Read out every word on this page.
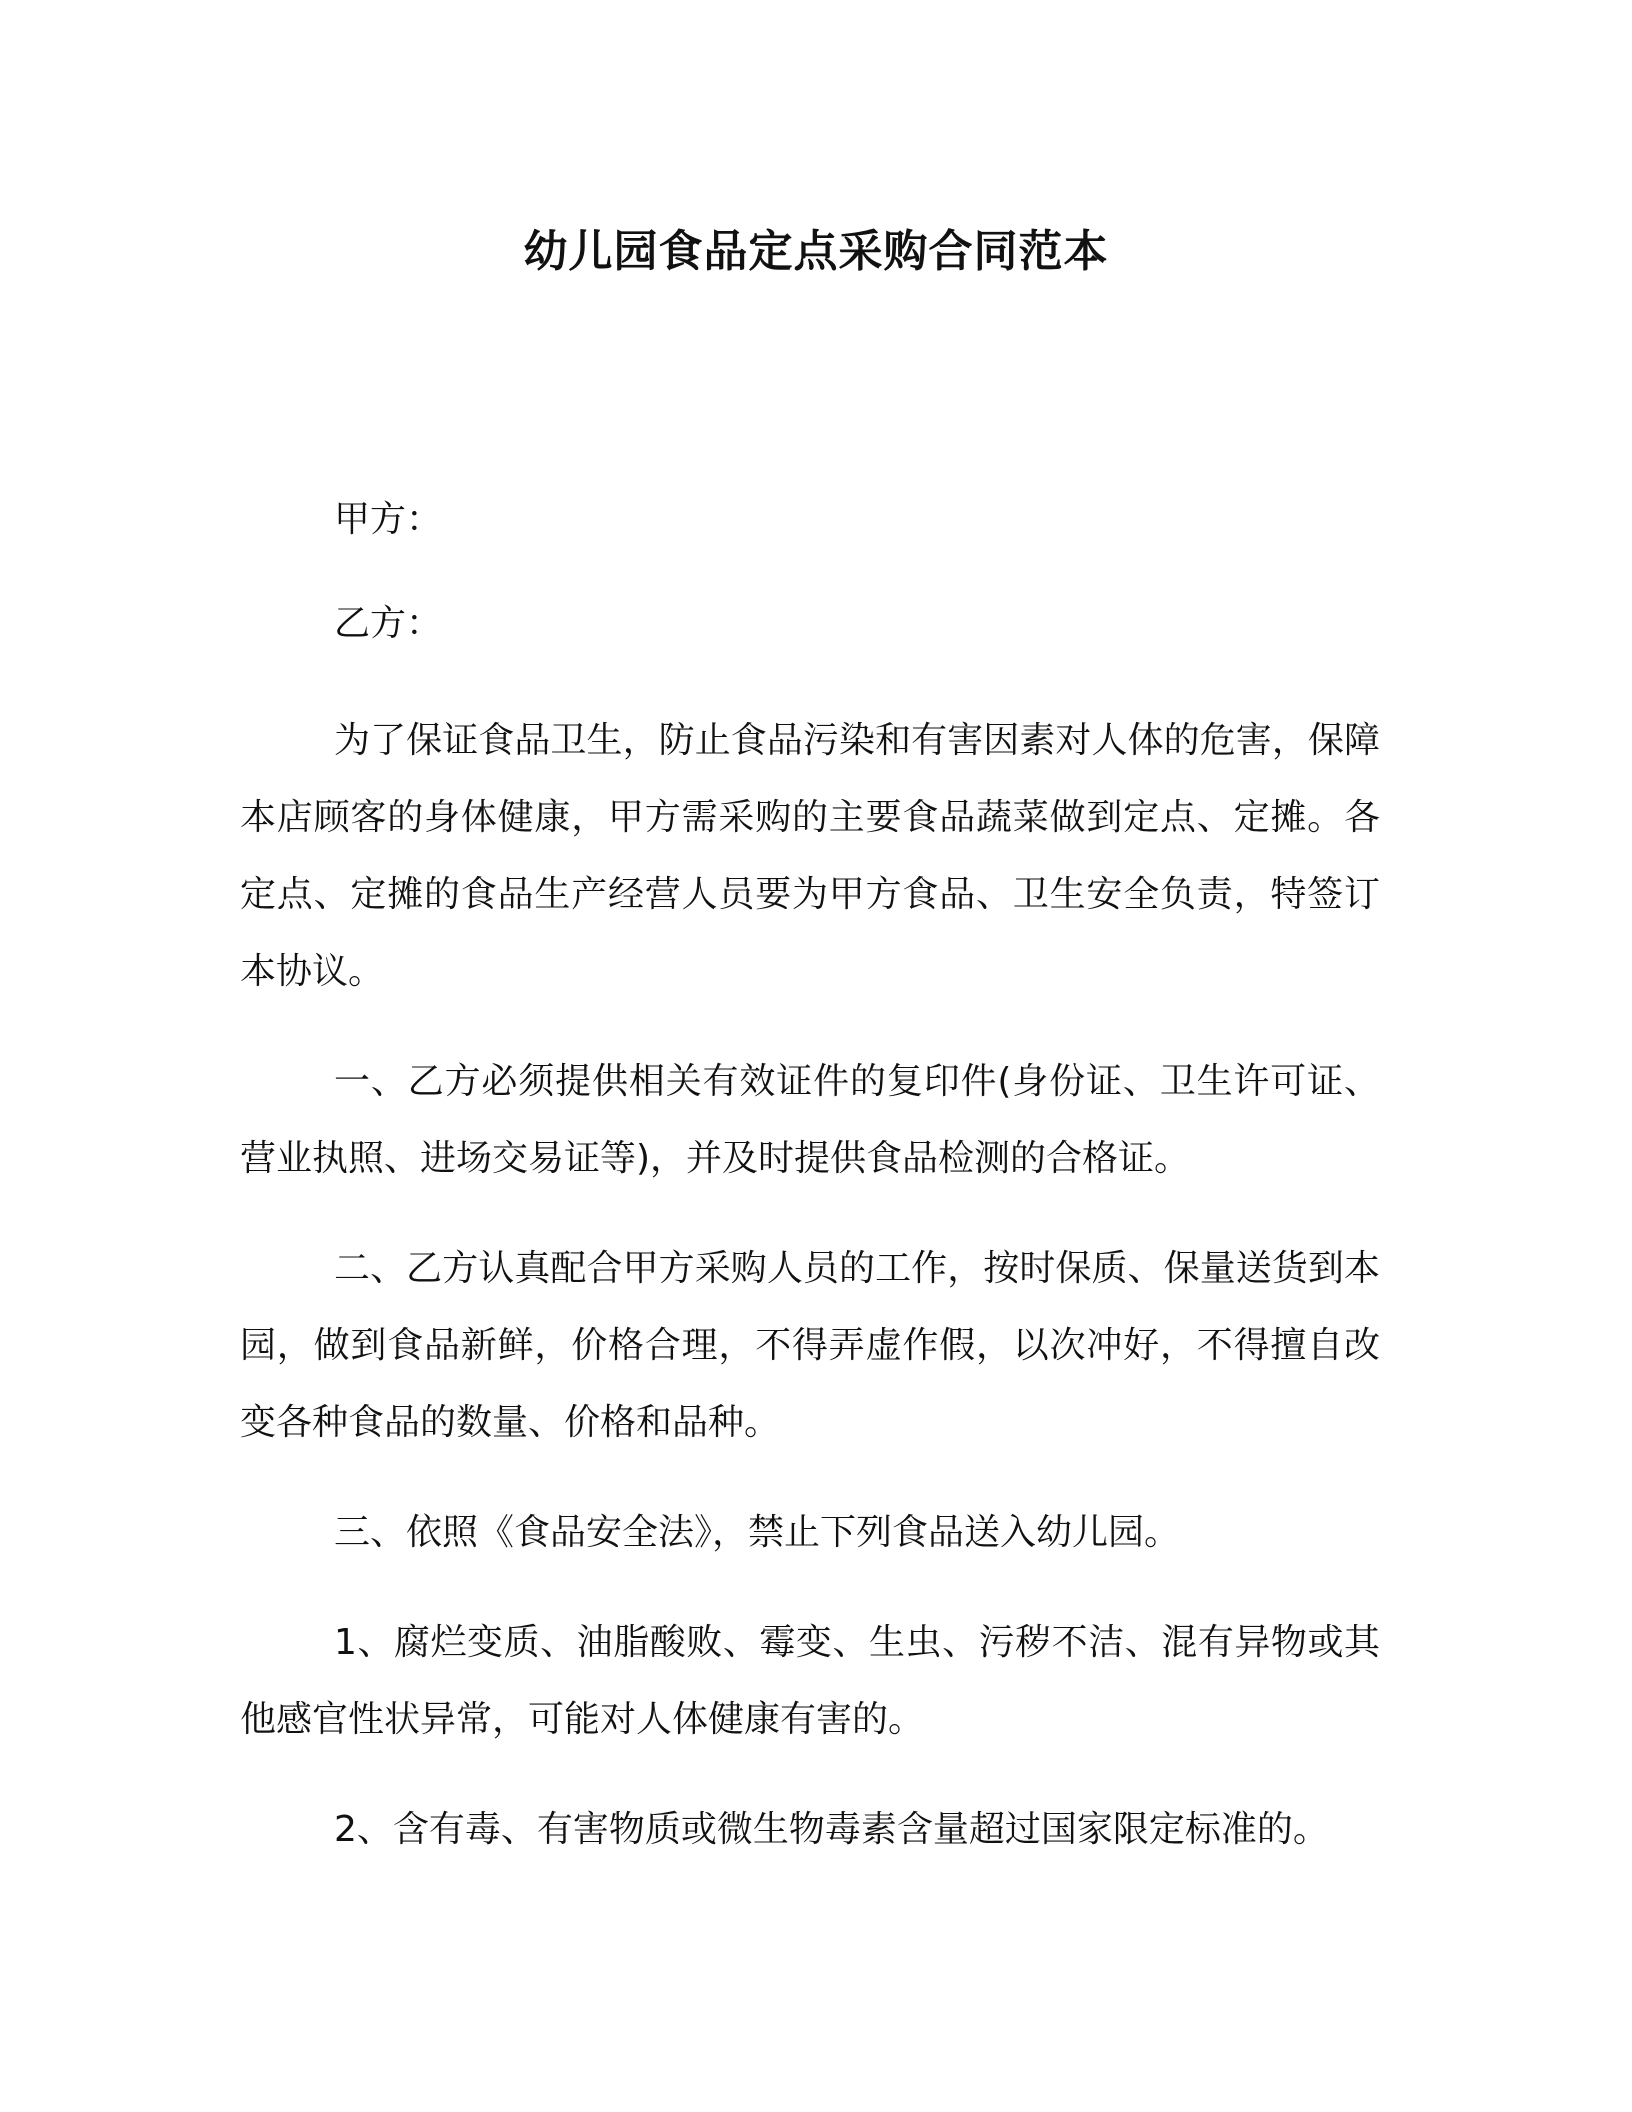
幼儿园食品定点采购合同范本
甲方：
乙方：

为了保证食品卫生，防止食品污染和有害因素对人体的危害，保障本店顾客的身体健康，甲方需采购的主要食品蔬菜做到定点、定摊。各定点、定摊的食品生产经营人员要为甲方食品、卫生安全负责，特签订本协议。

一、乙方必须提供相关有效证件的复印件(身份证、卫生许可证、营业执照、进场交易证等)，并及时提供食品检测的合格证。

二、乙方认真配合甲方采购人员的工作，按时保质、保量送货到本园，做到食品新鲜，价格合理，不得弄虚作假，以次冲好，不得擅自改变各种食品的数量、价格和品种。

三、依照《食品安全法》，禁止下列食品送入幼儿园。

1、腐烂变质、油脂酸败、霉变、生虫、污秽不洁、混有异物或其他感官性状异常，可能对人体健康有害的。

2、含有毒、有害物质或微生物毒素含量超过国家限定标准的。
